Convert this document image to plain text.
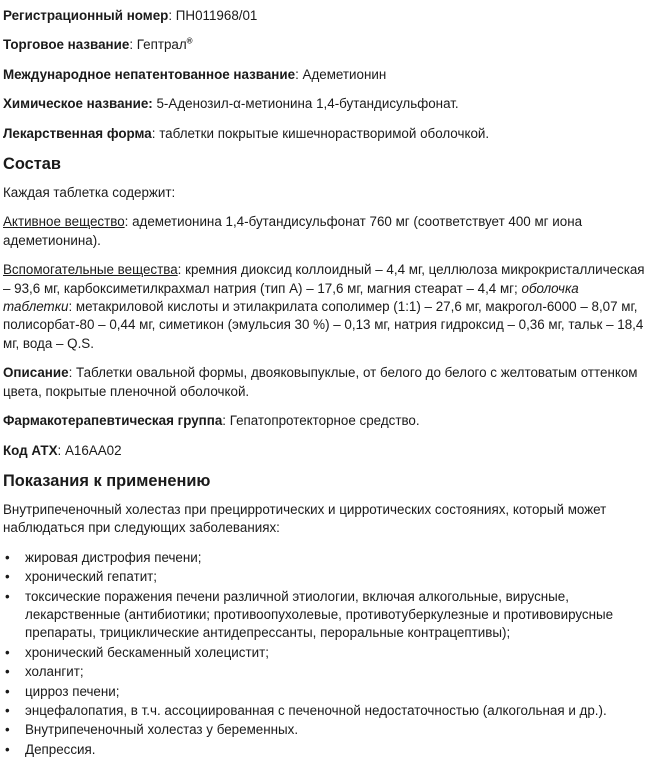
Регистрационный номер: ПН011968/01

Торговое название: Гептрал®

Международное непатентованное название: Адеметионин

Химическое название: 5-Аденозил-α-метионина 1,4-бутандисульфонат.

Лекарственная форма: таблетки покрытые кишечнорастворимой оболочкой.

Состав

Каждая таблетка содержит:

Активное вещество: адеметионина 1,4-бутандисульфонат 760 мг (соответствует 400 мг иона адеметионина).

Вспомогательные вещества: кремния диоксид коллоидный – 4,4 мг, целлюлоза микрокристаллическая – 93,6 мг, карбоксиметилкрахмал натрия (тип А) – 17,6 мг, магния стеарат – 4,4 мг; оболочка таблетки: метакриловой кислоты и этилакрилата сополимер (1:1) – 27,6 мг, макрогол-6000 – 8,07 мг, полисорбат-80 – 0,44 мг, симетикон (эмульсия 30 %) – 0,13 мг, натрия гидроксид – 0,36 мг, тальк – 18,4 мг, вода – Q.S.

Описание: Таблетки овальной формы, двояковыпуклые, от белого до белого с желтоватым оттенком цвета, покрытые пленочной оболочкой.

Фармакотерапевтическая группа: Гепатопротекторное средство.

Код АТХ: A16AA02

Показания к применению

Внутрипеченочный холестаз при прецирротических и цирротических состояниях, который может наблюдаться при следующих заболеваниях:

• жировая дистрофия печени;
• хронический гепатит;
• токсические поражения печени различной этиологии, включая алкогольные, вирусные, лекарственные (антибиотики; противоопухолевые, противотуберкулезные и противовирусные препараты, трициклические антидепрессанты, пероральные контрацептивы);
• хронический бескаменный холецистит;
• холангит;
• цирроз печени;
• энцефалопатия, в т.ч. ассоциированная с печеночной недостаточностью (алкогольная и др.).
• Внутрипеченочный холестаз у беременных.
• Депрессия.
